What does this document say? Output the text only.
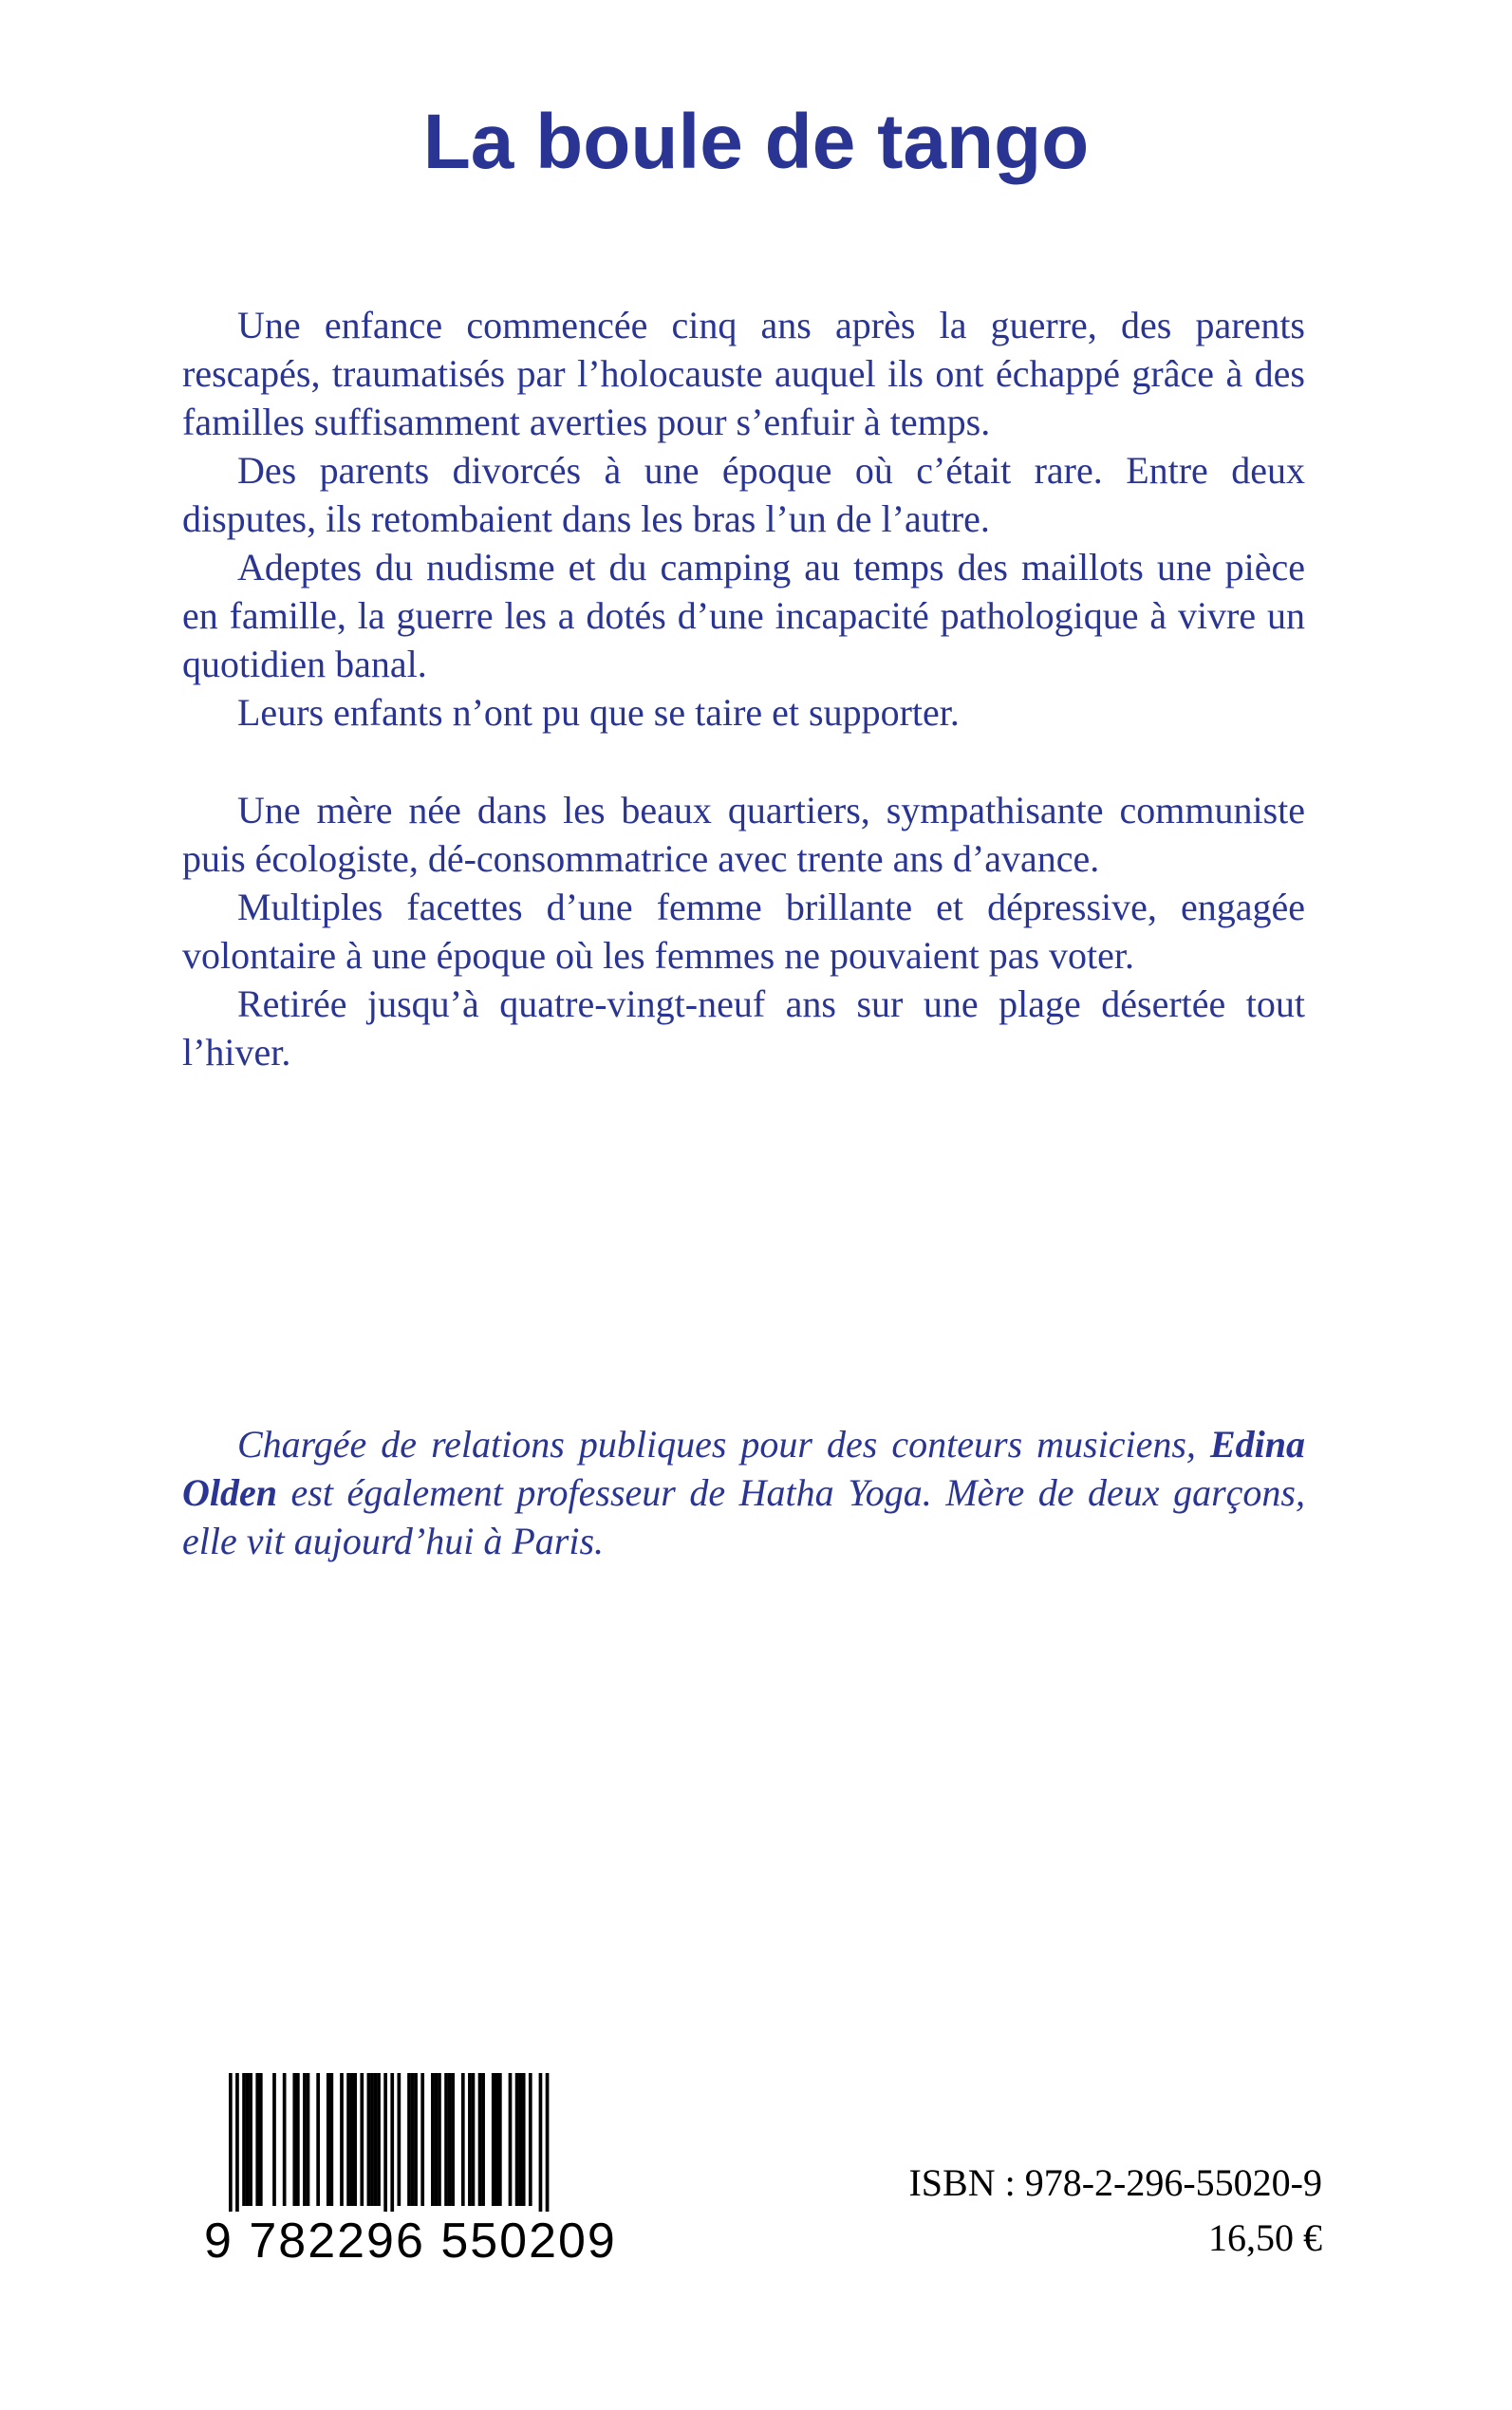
La boule de tango

Une enfance commencée cinq ans après la guerre, des parents rescapés, traumatisés par l’holocauste auquel ils ont échappé grâce à des familles suffisamment averties pour s’enfuir à temps.

Des parents divorcés à une époque où c’était rare. Entre deux disputes, ils retombaient dans les bras l’un de l’autre.

Adeptes du nudisme et du camping au temps des maillots une pièce en famille, la guerre les a dotés d’une incapacité pathologique à vivre un quotidien banal.

Leurs enfants n’ont pu que se taire et supporter.

Une mère née dans les beaux quartiers, sympathisante communiste puis écologiste, dé-consommatrice avec trente ans d’avance.

Multiples facettes d’une femme brillante et dépressive, engagée volontaire à une époque où les femmes ne pouvaient pas voter.

Retirée jusqu’à quatre-vingt-neuf ans sur une plage désertée tout l’hiver.

Chargée de relations publiques pour des conteurs musiciens, Edina Olden est également professeur de Hatha Yoga. Mère de deux garçons, elle vit aujourd’hui à Paris.

9 782296 550209
ISBN : 978-2-296-55020-9
16,50 €
